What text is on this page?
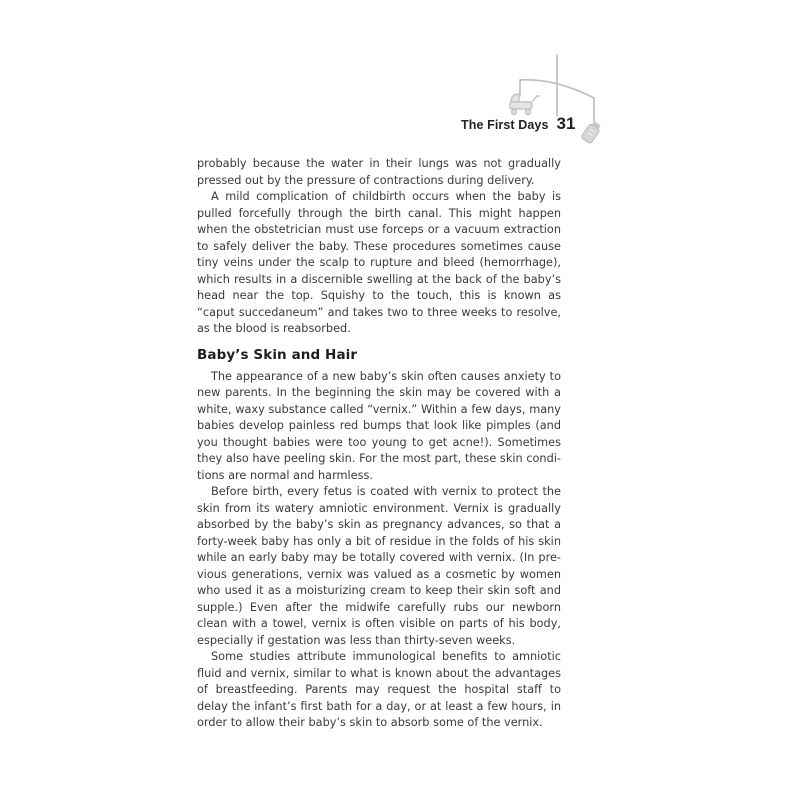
The First Days 31

probably because the water in their lungs was not gradually pressed out by the pressure of contractions during delivery.

A mild complication of childbirth occurs when the baby is pulled forcefully through the birth canal. This might happen when the obstetrician must use forceps or a vacuum extraction to safely deliver the baby. These procedures sometimes cause tiny veins under the scalp to rupture and bleed (hemorrhage), which results in a discernible swelling at the back of the baby’s head near the top. Squishy to the touch, this is known as “caput succedaneum” and takes two to three weeks to resolve, as the blood is reabsorbed.

Baby’s Skin and Hair

The appearance of a new baby’s skin often causes anxiety to new parents. In the beginning the skin may be covered with a white, waxy substance called “vernix.” Within a few days, many babies develop painless red bumps that look like pimples (and you thought babies were too young to get acne!). Sometimes they also have peeling skin. For the most part, these skin conditions are normal and harmless.

Before birth, every fetus is coated with vernix to protect the skin from its watery amniotic environment. Vernix is gradually absorbed by the baby’s skin as pregnancy advances, so that a forty-week baby has only a bit of residue in the folds of his skin while an early baby may be totally covered with vernix. (In previous generations, vernix was valued as a cosmetic by women who used it as a moisturizing cream to keep their skin soft and supple.) Even after the midwife carefully rubs our newborn clean with a towel, vernix is often visible on parts of his body, especially if gestation was less than thirty-seven weeks.

Some studies attribute immunological benefits to amniotic fluid and vernix, similar to what is known about the advantages of breastfeeding. Parents may request the hospital staff to delay the infant’s first bath for a day, or at least a few hours, in order to allow their baby’s skin to absorb some of the vernix.
